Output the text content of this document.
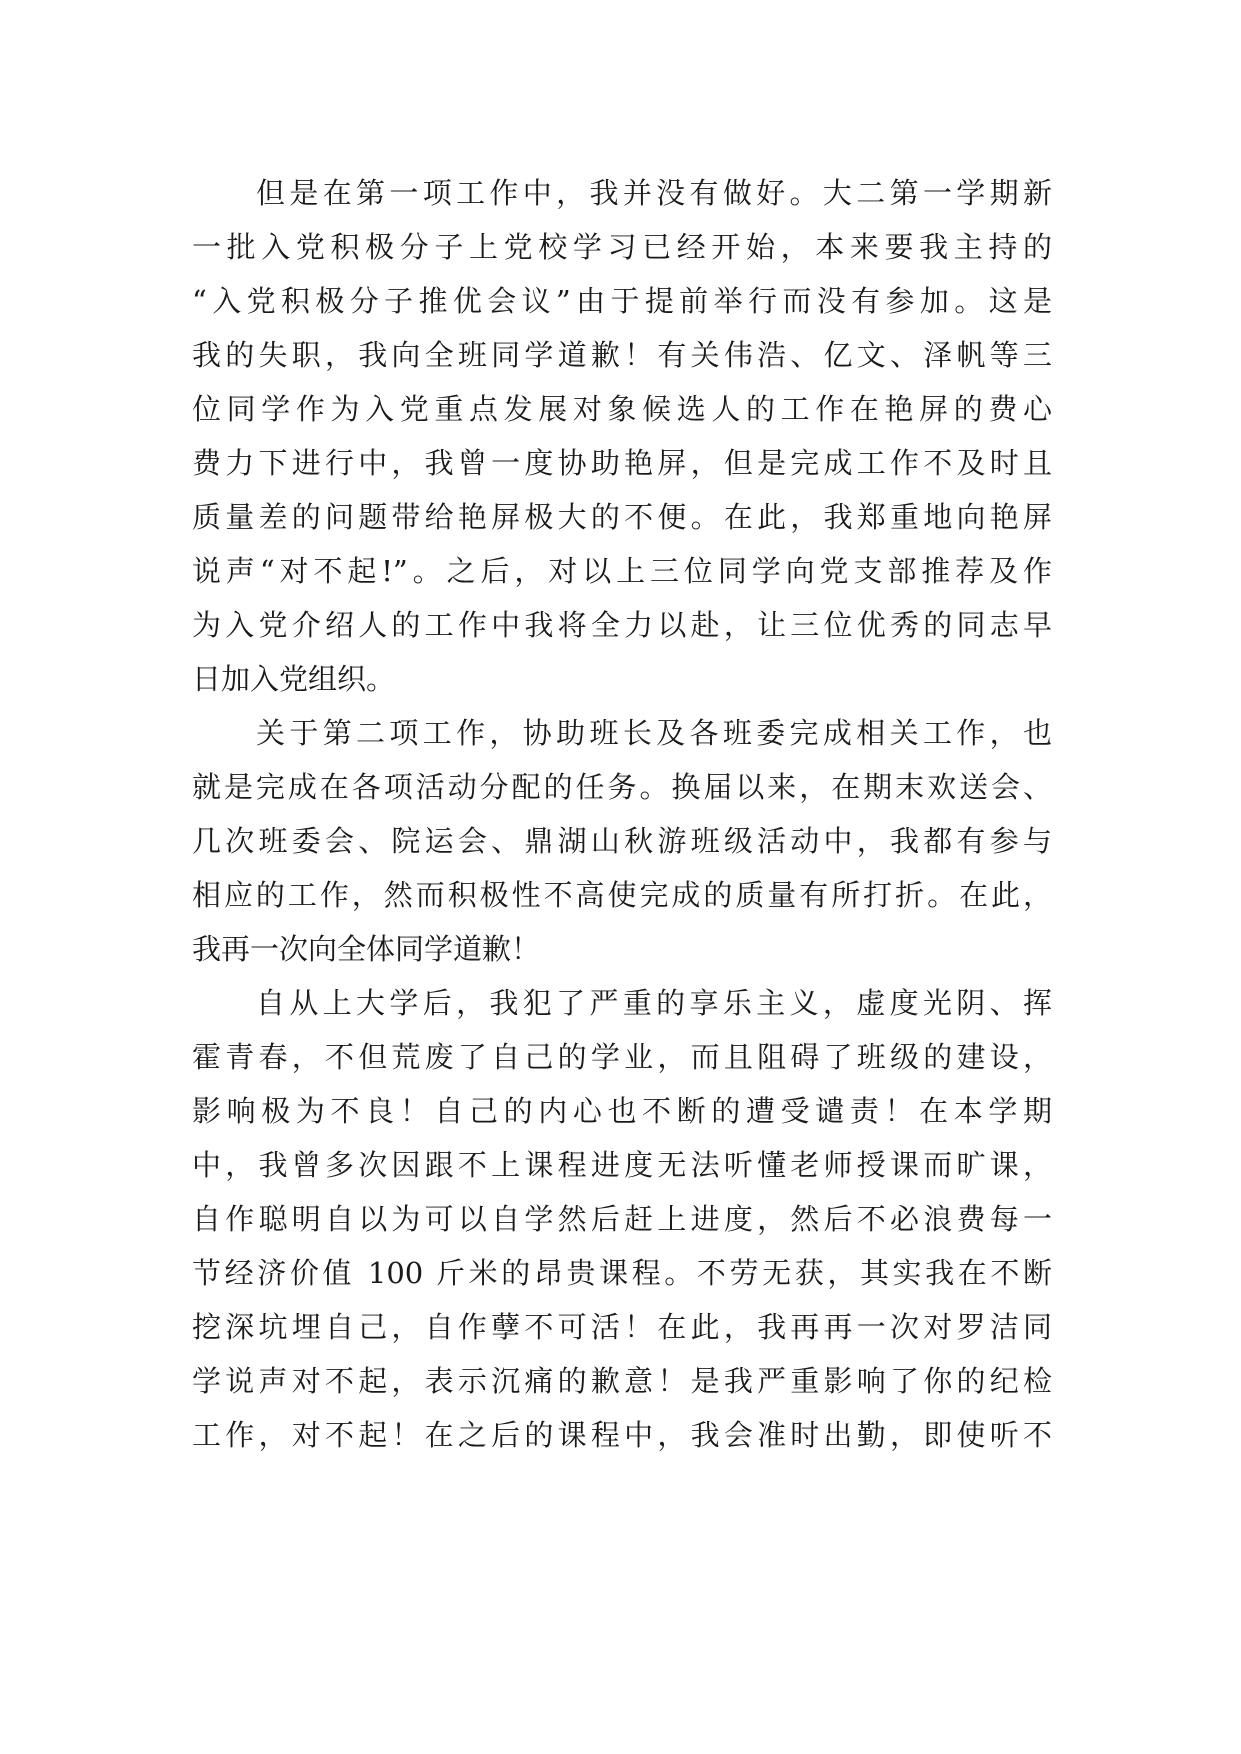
但是在第一项工作中，我并没有做好。大二第一学期新
一批入党积极分子上党校学习已经开始，本来要我主持的
“入党积极分子推优会议”由于提前举行而没有参加。这是
我的失职，我向全班同学道歉！有关伟浩、亿文、泽帆等三
位同学作为入党重点发展对象候选人的工作在艳屏的费心
费力下进行中，我曾一度协助艳屏，但是完成工作不及时且
质量差的问题带给艳屏极大的不便。在此，我郑重地向艳屏
说声“对不起!”。之后，对以上三位同学向党支部推荐及作
为入党介绍人的工作中我将全力以赴，让三位优秀的同志早
日加入党组织。
关于第二项工作，协助班长及各班委完成相关工作，也
就是完成在各项活动分配的任务。换届以来，在期末欢送会、
几次班委会、院运会、鼎湖山秋游班级活动中，我都有参与
相应的工作，然而积极性不高使完成的质量有所打折。在此，
我再一次向全体同学道歉！
自从上大学后，我犯了严重的享乐主义，虚度光阴、挥
霍青春，不但荒废了自己的学业，而且阻碍了班级的建设，
影响极为不良！自己的内心也不断的遭受谴责！在本学期
中，我曾多次因跟不上课程进度无法听懂老师授课而旷课，
自作聪明自以为可以自学然后赶上进度，然后不必浪费每一
节经济价值 100 斤米的昂贵课程。不劳无获，其实我在不断
挖深坑埋自己，自作孽不可活！在此，我再再一次对罗洁同
学说声对不起，表示沉痛的歉意！是我严重影响了你的纪检
工作，对不起！在之后的课程中，我会准时出勤，即使听不
